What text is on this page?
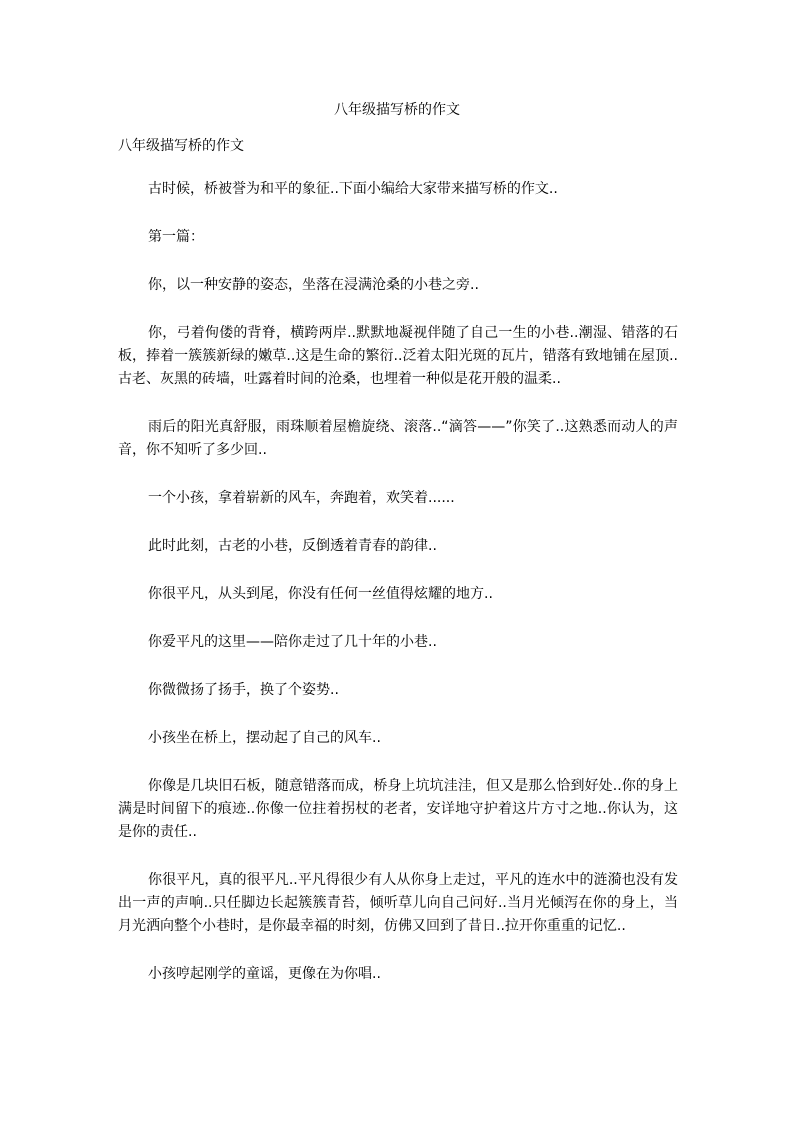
八年级描写桥的作文
八年级描写桥的作文

古时候，桥被誉为和平的象征..下面小编给大家带来描写桥的作文..

第一篇：

你，以一种安静的姿态，坐落在浸满沧桑的小巷之旁..

你，弓着佝偻的背脊，横跨两岸..默默地凝视伴随了自己一生的小巷..潮湿、错落的石板，捧着一簇簇新绿的嫩草..这是生命的繁衍..泛着太阳光斑的瓦片，错落有致地铺在屋顶..古老、灰黑的砖墙，吐露着时间的沧桑，也埋着一种似是花开般的温柔..

雨后的阳光真舒服，雨珠顺着屋檐旋绕、滚落..“滴答——”你笑了..这熟悉而动人的声音，你不知听了多少回..

一个小孩，拿着崭新的风车，奔跑着，欢笑着......

此时此刻，古老的小巷，反倒透着青春的韵律..

你很平凡，从头到尾，你没有任何一丝值得炫耀的地方..

你爱平凡的这里——陪你走过了几十年的小巷..

你微微扬了扬手，换了个姿势..

小孩坐在桥上，摆动起了自己的风车..

你像是几块旧石板，随意错落而成，桥身上坑坑洼洼，但又是那么恰到好处..你的身上满是时间留下的痕迹..你像一位拄着拐杖的老者，安详地守护着这片方寸之地..你认为，这是你的责任..

你很平凡，真的很平凡..平凡得很少有人从你身上走过，平凡的连水中的涟漪也没有发出一声的声响..只任脚边长起簇簇青苔，倾听草儿向自己问好..当月光倾泻在你的身上，当月光洒向整个小巷时，是你最幸福的时刻，仿佛又回到了昔日..拉开你重重的记忆..

小孩哼起刚学的童谣，更像在为你唱..
